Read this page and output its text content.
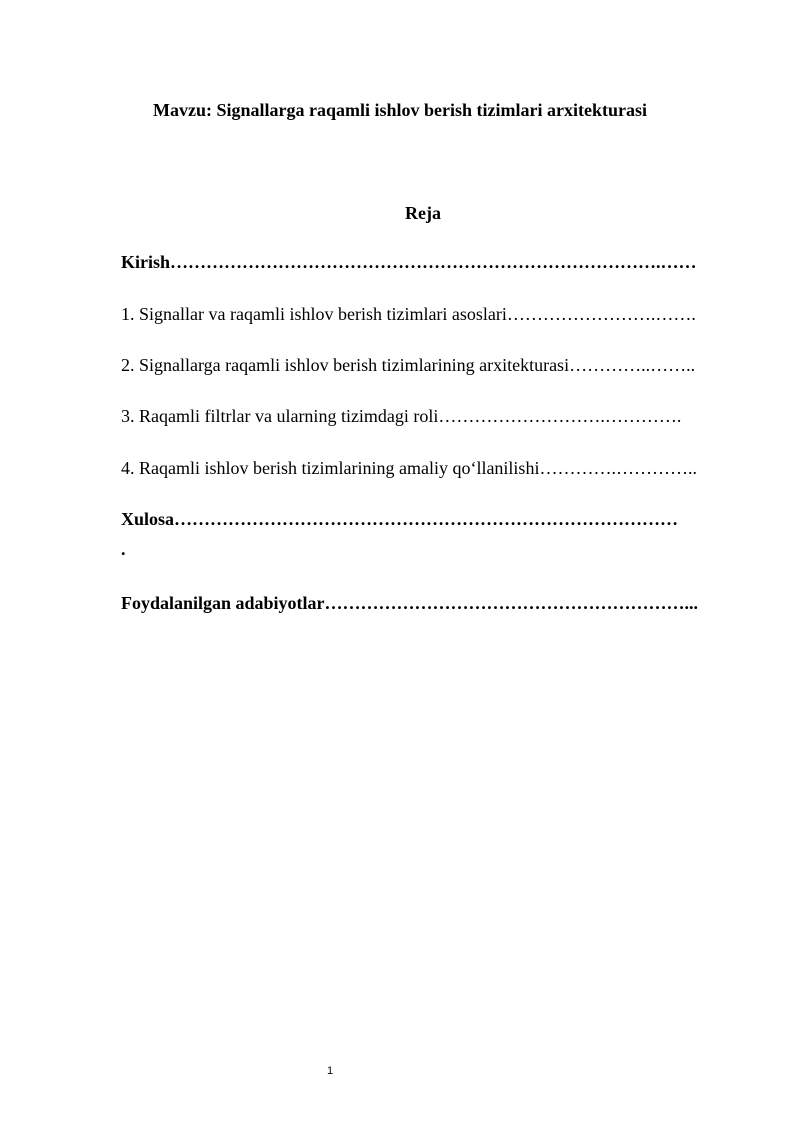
Mavzu: Signallarga raqamli ishlov berish tizimlari arxitekturasi
Reja
Kirish……………………………………………………………………….……
1. Signallar va raqamli ishlov berish tizimlari asoslari…………………….…….
2. Signallarga raqamli ishlov berish tizimlarining arxitekturasi…………..……..
3. Raqamli filtrlar va ularning tizimdagi roli……………………….………….
4. Raqamli ishlov berish tizimlarining amaliy qo‘llanilishi………….…………..
Xulosa…………………………………………………………………………
.
Foydalanilgan adabiyotlar……………………………………………………...
1
